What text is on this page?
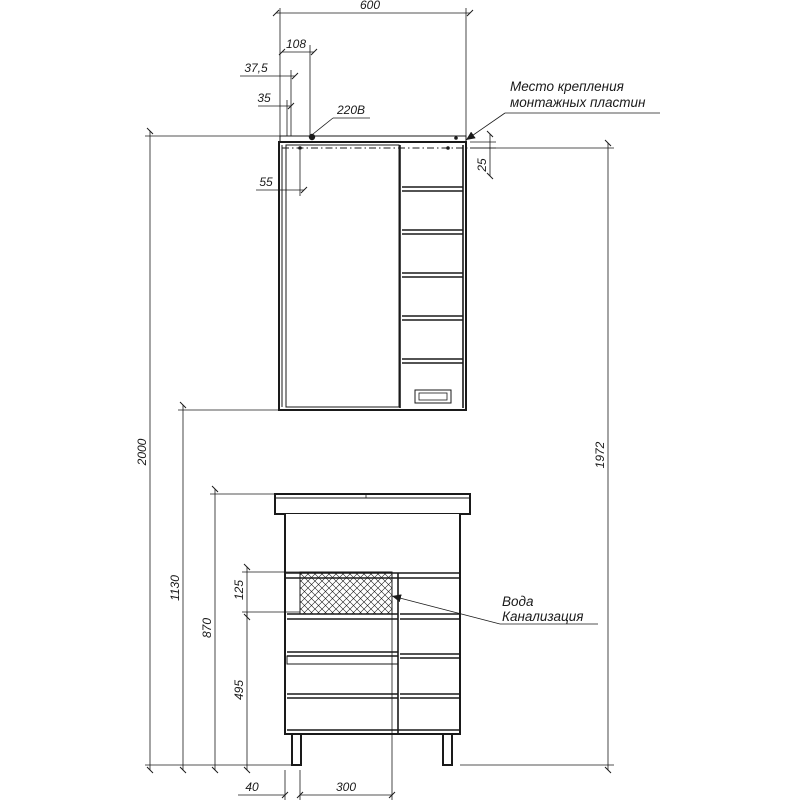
600
108
37,5
35
220В
55
Место крепления
монтажных пластин
25
1972
2000
1130
870
125
495
Вода
Канализация
40	300
